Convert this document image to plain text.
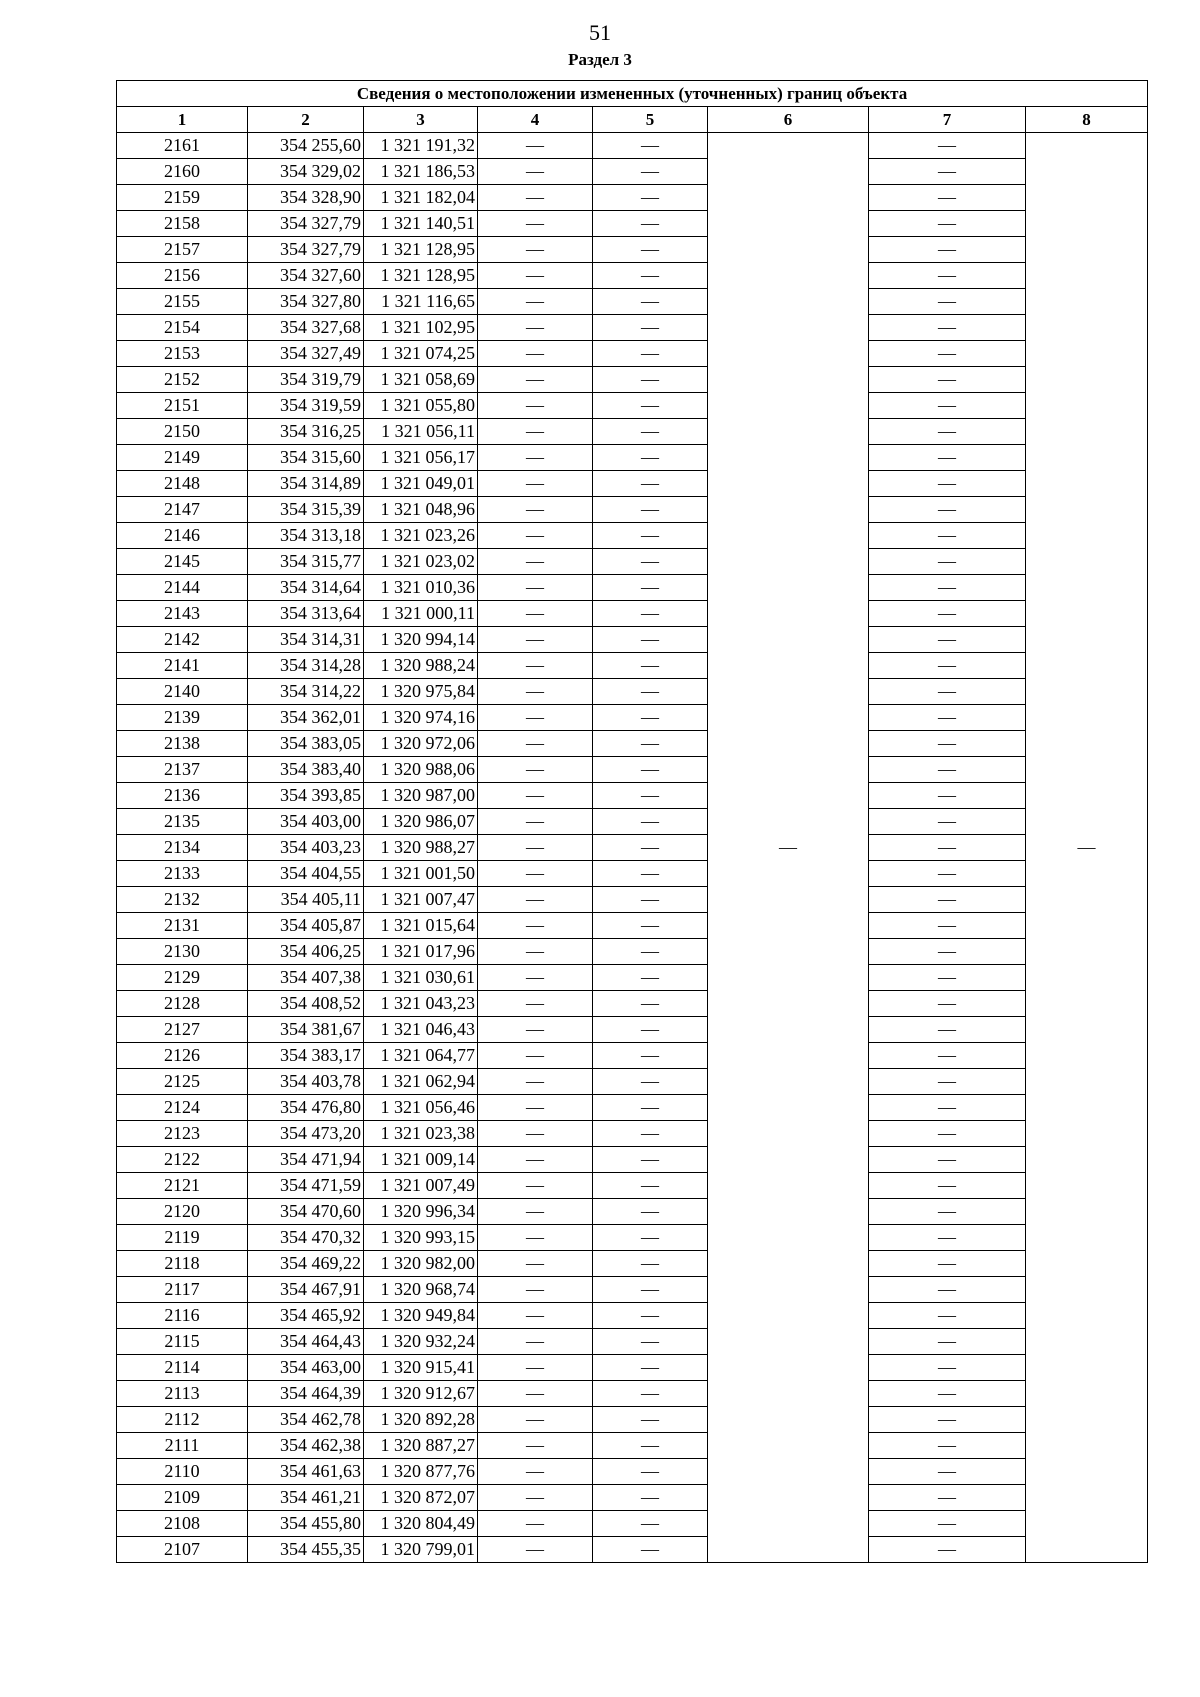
51
Раздел 3
Сведения о местоположении измененных (уточненных) границ объекта							
1	2	3	4	5	6	7	8
2161	354 255,60	1 321 191,32	—	—	—	—	—
2160	354 329,02	1 321 186,53	—	—		—	
2159	354 328,90	1 321 182,04	—	—		—	
2158	354 327,79	1 321 140,51	—	—		—	
2157	354 327,79	1 321 128,95	—	—		—	
2156	354 327,60	1 321 128,95	—	—		—	
2155	354 327,80	1 321 116,65	—	—		—	
2154	354 327,68	1 321 102,95	—	—		—	
2153	354 327,49	1 321 074,25	—	—		—	
2152	354 319,79	1 321 058,69	—	—		—	
2151	354 319,59	1 321 055,80	—	—		—	
2150	354 316,25	1 321 056,11	—	—		—	
2149	354 315,60	1 321 056,17	—	—		—	
2148	354 314,89	1 321 049,01	—	—		—	
2147	354 315,39	1 321 048,96	—	—		—	
2146	354 313,18	1 321 023,26	—	—		—	
2145	354 315,77	1 321 023,02	—	—		—	
2144	354 314,64	1 321 010,36	—	—		—	
2143	354 313,64	1 321 000,11	—	—		—	
2142	354 314,31	1 320 994,14	—	—		—	
2141	354 314,28	1 320 988,24	—	—		—	
2140	354 314,22	1 320 975,84	—	—		—	
2139	354 362,01	1 320 974,16	—	—		—	
2138	354 383,05	1 320 972,06	—	—		—	
2137	354 383,40	1 320 988,06	—	—		—	
2136	354 393,85	1 320 987,00	—	—		—	
2135	354 403,00	1 320 986,07	—	—		—	
2134	354 403,23	1 320 988,27	—	—		—	
2133	354 404,55	1 321 001,50	—	—		—	
2132	354 405,11	1 321 007,47	—	—		—	
2131	354 405,87	1 321 015,64	—	—		—	
2130	354 406,25	1 321 017,96	—	—		—	
2129	354 407,38	1 321 030,61	—	—		—	
2128	354 408,52	1 321 043,23	—	—		—	
2127	354 381,67	1 321 046,43	—	—		—	
2126	354 383,17	1 321 064,77	—	—		—	
2125	354 403,78	1 321 062,94	—	—		—	
2124	354 476,80	1 321 056,46	—	—		—	
2123	354 473,20	1 321 023,38	—	—		—	
2122	354 471,94	1 321 009,14	—	—		—	
2121	354 471,59	1 321 007,49	—	—		—	
2120	354 470,60	1 320 996,34	—	—		—	
2119	354 470,32	1 320 993,15	—	—		—	
2118	354 469,22	1 320 982,00	—	—		—	
2117	354 467,91	1 320 968,74	—	—		—	
2116	354 465,92	1 320 949,84	—	—		—	
2115	354 464,43	1 320 932,24	—	—		—	
2114	354 463,00	1 320 915,41	—	—		—	
2113	354 464,39	1 320 912,67	—	—		—	
2112	354 462,78	1 320 892,28	—	—		—	
2111	354 462,38	1 320 887,27	—	—		—	
2110	354 461,63	1 320 877,76	—	—		—	
2109	354 461,21	1 320 872,07	—	—		—	
2108	354 455,80	1 320 804,49	—	—		—	
2107	354 455,35	1 320 799,01	—	—		—	
